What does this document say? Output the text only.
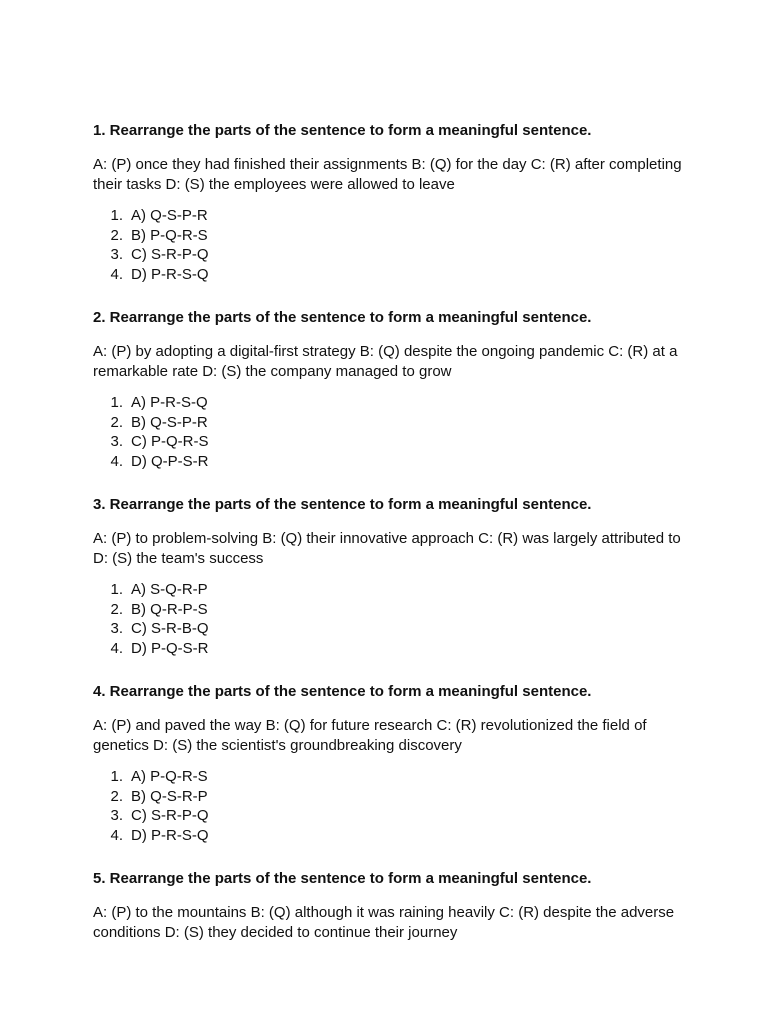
1. Rearrange the parts of the sentence to form a meaningful sentence.
A: (P) once they had finished their assignments B: (Q) for the day C: (R) after completing their tasks D: (S) the employees were allowed to leave
1. A) Q-S-P-R
2. B) P-Q-R-S
3. C) S-R-P-Q
4. D) P-R-S-Q
2. Rearrange the parts of the sentence to form a meaningful sentence.
A: (P) by adopting a digital-first strategy B: (Q) despite the ongoing pandemic C: (R) at a remarkable rate D: (S) the company managed to grow
1. A) P-R-S-Q
2. B) Q-S-P-R
3. C) P-Q-R-S
4. D) Q-P-S-R
3. Rearrange the parts of the sentence to form a meaningful sentence.
A: (P) to problem-solving B: (Q) their innovative approach C: (R) was largely attributed to D: (S) the team's success
1. A) S-Q-R-P
2. B) Q-R-P-S
3. C) S-R-B-Q
4. D) P-Q-S-R
4. Rearrange the parts of the sentence to form a meaningful sentence.
A: (P) and paved the way B: (Q) for future research C: (R) revolutionized the field of genetics D: (S) the scientist's groundbreaking discovery
1. A) P-Q-R-S
2. B) Q-S-R-P
3. C) S-R-P-Q
4. D) P-R-S-Q
5. Rearrange the parts of the sentence to form a meaningful sentence.
A: (P) to the mountains B: (Q) although it was raining heavily C: (R) despite the adverse conditions D: (S) they decided to continue their journey
